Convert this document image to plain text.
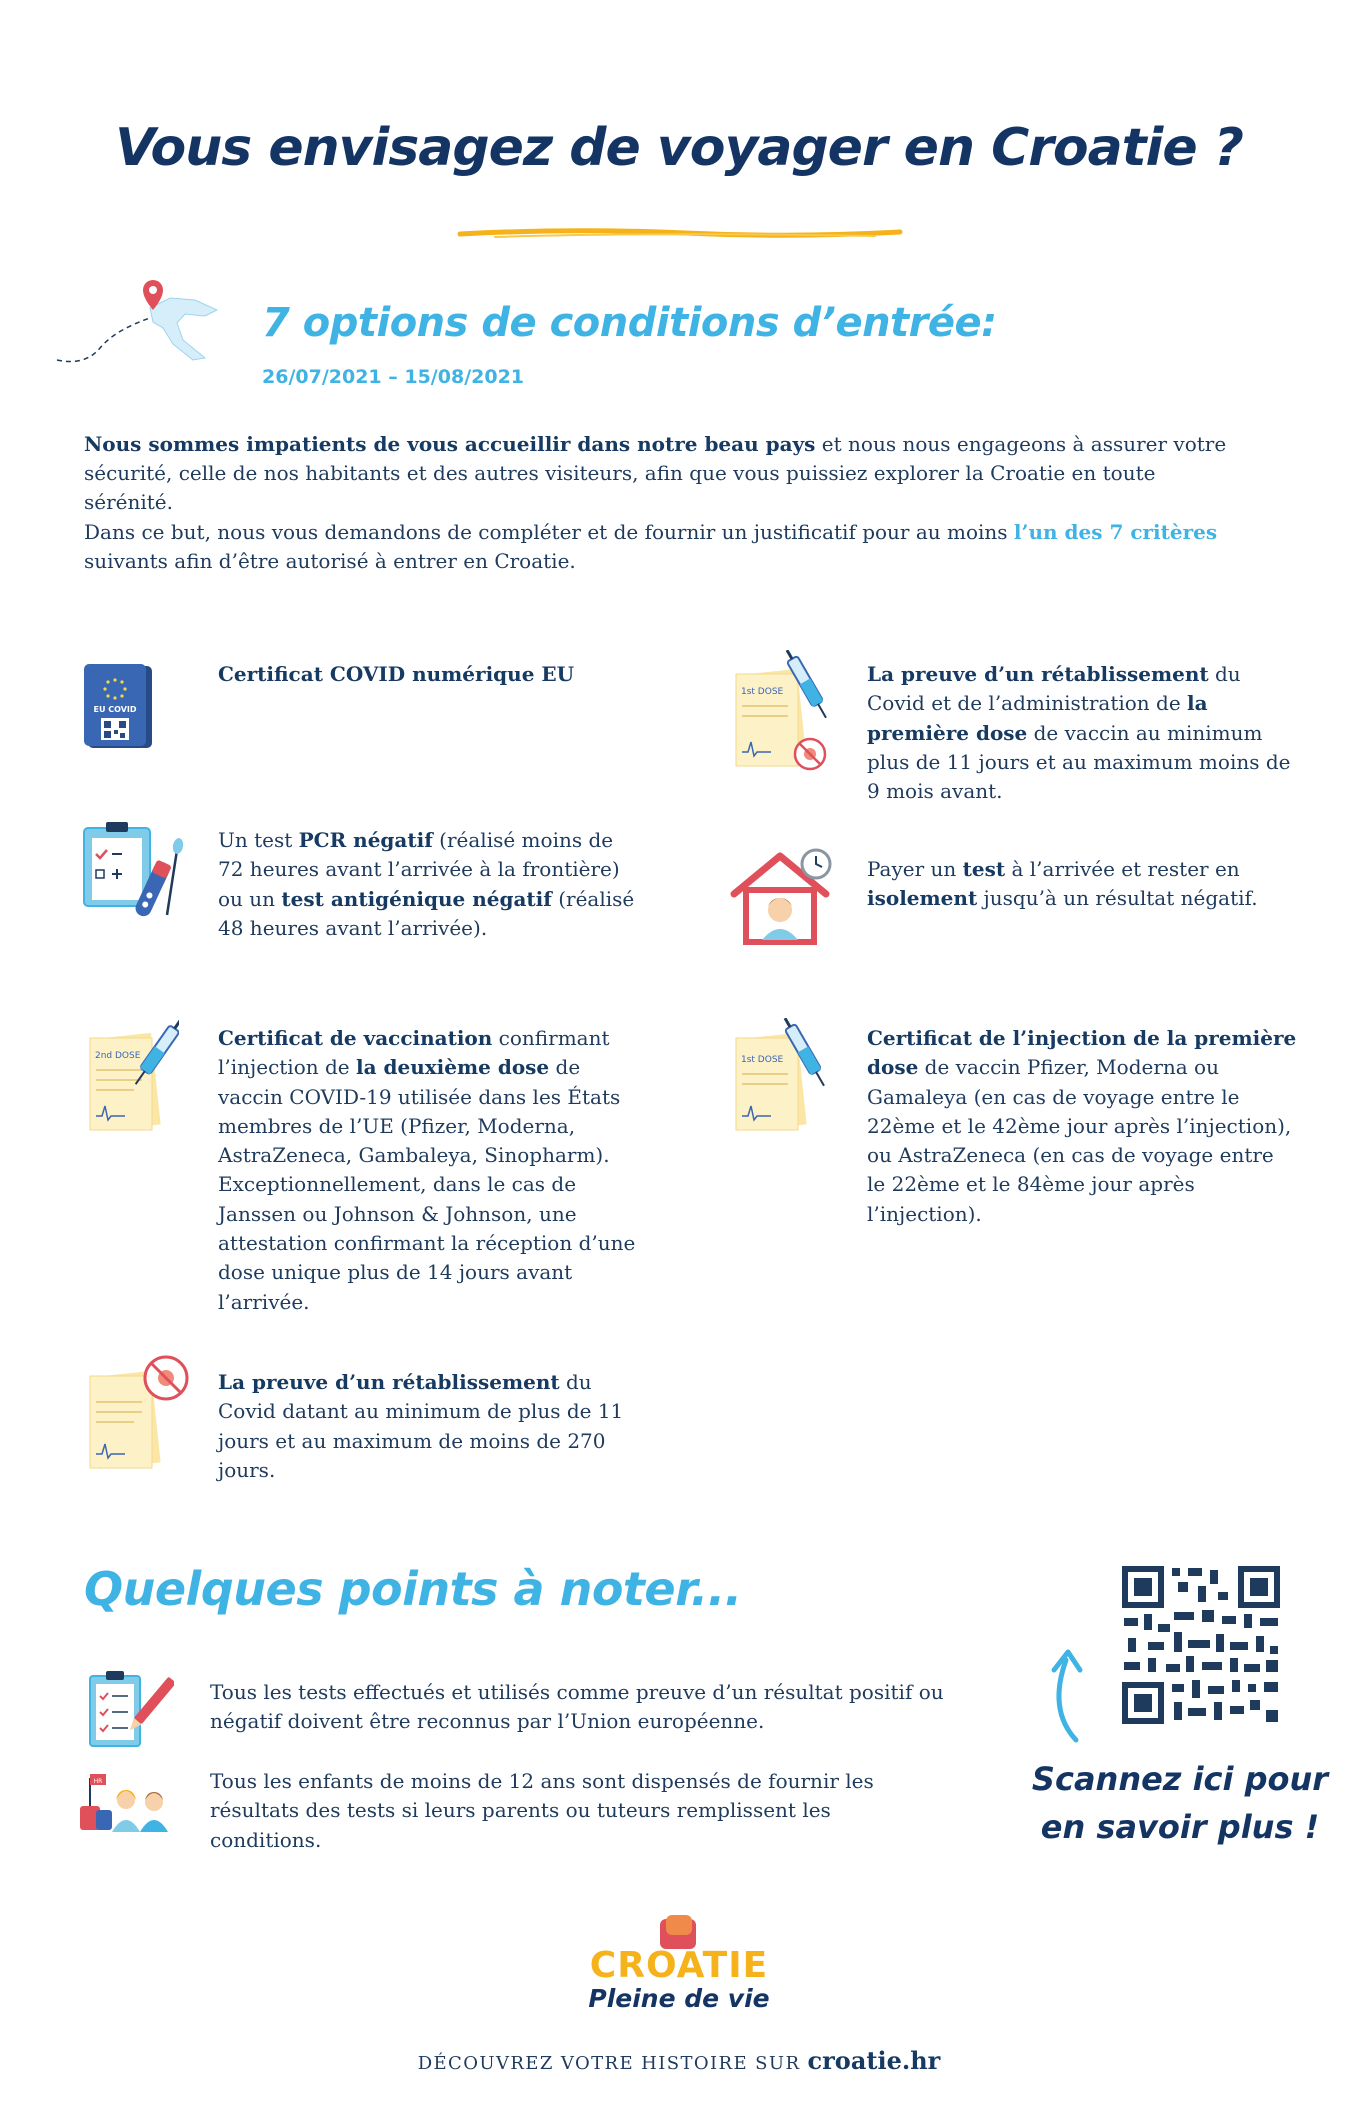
Vous envisagez de voyager en Croatie ?
7 options de conditions d’entrée:
26/07/2021 – 15/08/2021

Nous sommes impatients de vous accueillir dans notre beau pays et nous nous engageons à assurer votre sécurité, celle de nos habitants et des autres visiteurs, afin que vous puissiez explorer la Croatie en toute sérénité.

Dans ce but, nous vous demandons de compléter et de fournir un justificatif pour au moins l’un des 7 critères suivants afin d’être autorisé à entrer en Croatie.

EU COVID
Certificat COVID numérique EU
Un test PCR négatif (réalisé moins de 72 heures avant l’arrivée à la frontière) ou un test antigénique négatif (réalisé 48 heures avant l’arrivée).
2nd DOSE
Certificat de vaccination confirmant l’injection de la deuxième dose de vaccin COVID-19 utilisée dans les États membres de l’UE (Pfizer, Moderna, AstraZeneca, Gambaleya, Sinopharm). Exceptionnellement, dans le cas de Janssen ou Johnson & Johnson, une attestation confirmant la réception d’une dose unique plus de 14 jours avant l’arrivée.
La preuve d’un rétablissement du Covid datant au minimum de plus de 11 jours et au maximum de moins de 270 jours.
1st DOSE
La preuve d’un rétablissement du Covid et de l’administration de la première dose de vaccin au minimum plus de 11 jours et au maximum moins de 9 mois avant.
Payer un test à l’arrivée et rester en isolement jusqu’à un résultat négatif.
1st DOSE
Certificat de l’injection de la première dose de vaccin Pfizer, Moderna ou Gamaleya (en cas de voyage entre le 22ème et le 42ème jour après l’injection), ou AstraZeneca (en cas de voyage entre le 22ème et le 84ème jour après l’injection).
Quelques points à noter...
Tous les tests effectués et utilisés comme preuve d’un résultat positif ou négatif doivent être reconnus par l’Union européenne.
HR	Tous les enfants de moins de 12 ans sont dispensés de fournir les résultats des tests si leurs parents ou tuteurs remplissent les conditions.
Scannez ici pour
en savoir plus !
CROATIE
Pleine de vie
DÉCOUVREZ VOTRE HISTOIRE SUR croatie.hr
